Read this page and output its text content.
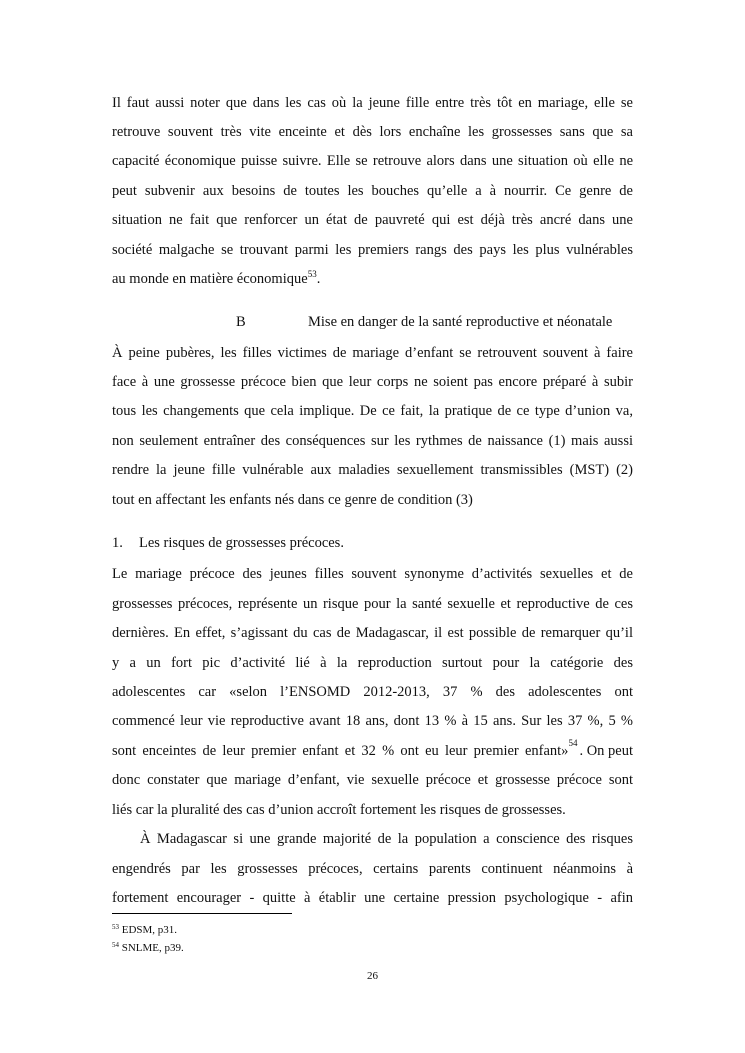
Il faut aussi noter que dans les cas où la jeune fille entre très tôt en mariage, elle se
retrouve souvent très vite enceinte et dès lors enchaîne les grossesses sans que sa
capacité économique puisse suivre. Elle se retrouve alors dans une situation où elle ne
peut subvenir aux besoins de toutes les bouches qu’elle a à nourrir. Ce genre de
situation ne fait que renforcer un état de pauvreté qui est déjà très ancré dans une
société malgache se trouvant parmi les premiers rangs des pays les plus vulnérables
au monde en matière économique$^{53}$.
B	Mise en danger de la santé reproductive et néonatale
À peine pubères, les filles victimes de mariage d’enfant se retrouvent souvent à faire
face à une grossesse précoce bien que leur corps ne soient pas encore préparé à subir
tous les changements que cela implique. De ce fait, la pratique de ce type d’union va,
non seulement entraîner des conséquences sur les rythmes de naissance (1) mais aussi
rendre la jeune fille vulnérable aux maladies sexuellement transmissibles (MST) (2)
tout en affectant les enfants nés dans ce genre de condition (3)
1. Les risques de grossesses précoces.
Le mariage précoce des jeunes filles souvent synonyme d’activités sexuelles et de
grossesses précoces, représente un risque pour la santé sexuelle et reproductive de ces
dernières. En effet, s’agissant du cas de Madagascar, il est possible de remarquer qu’il
y a un fort pic d’activité lié à la reproduction surtout pour la catégorie des
adolescentes car «selon l’ENSOMD 2012-2013, 37 % des adolescentes ont
commencé leur vie reproductive avant 18 ans, dont 13 % à 15 ans. Sur les 37 %, 5 %
sont enceintes de leur premier enfant et 32 % ont eu leur premier enfant» 54 . On peut
donc constater que mariage d’enfant, vie sexuelle précoce et grossesse précoce sont
liés car la pluralité des cas d’union accroît fortement les risques de grossesses.
À Madagascar si une grande majorité de la population a conscience des risques
engendrés par les grossesses précoces, certains parents continuent néanmoins à
fortement encourager - quitte à établir une certaine pression psychologique - afin
$^{53}$ EDSM, p31.
$^{54}$ SNLME, p39.
26
